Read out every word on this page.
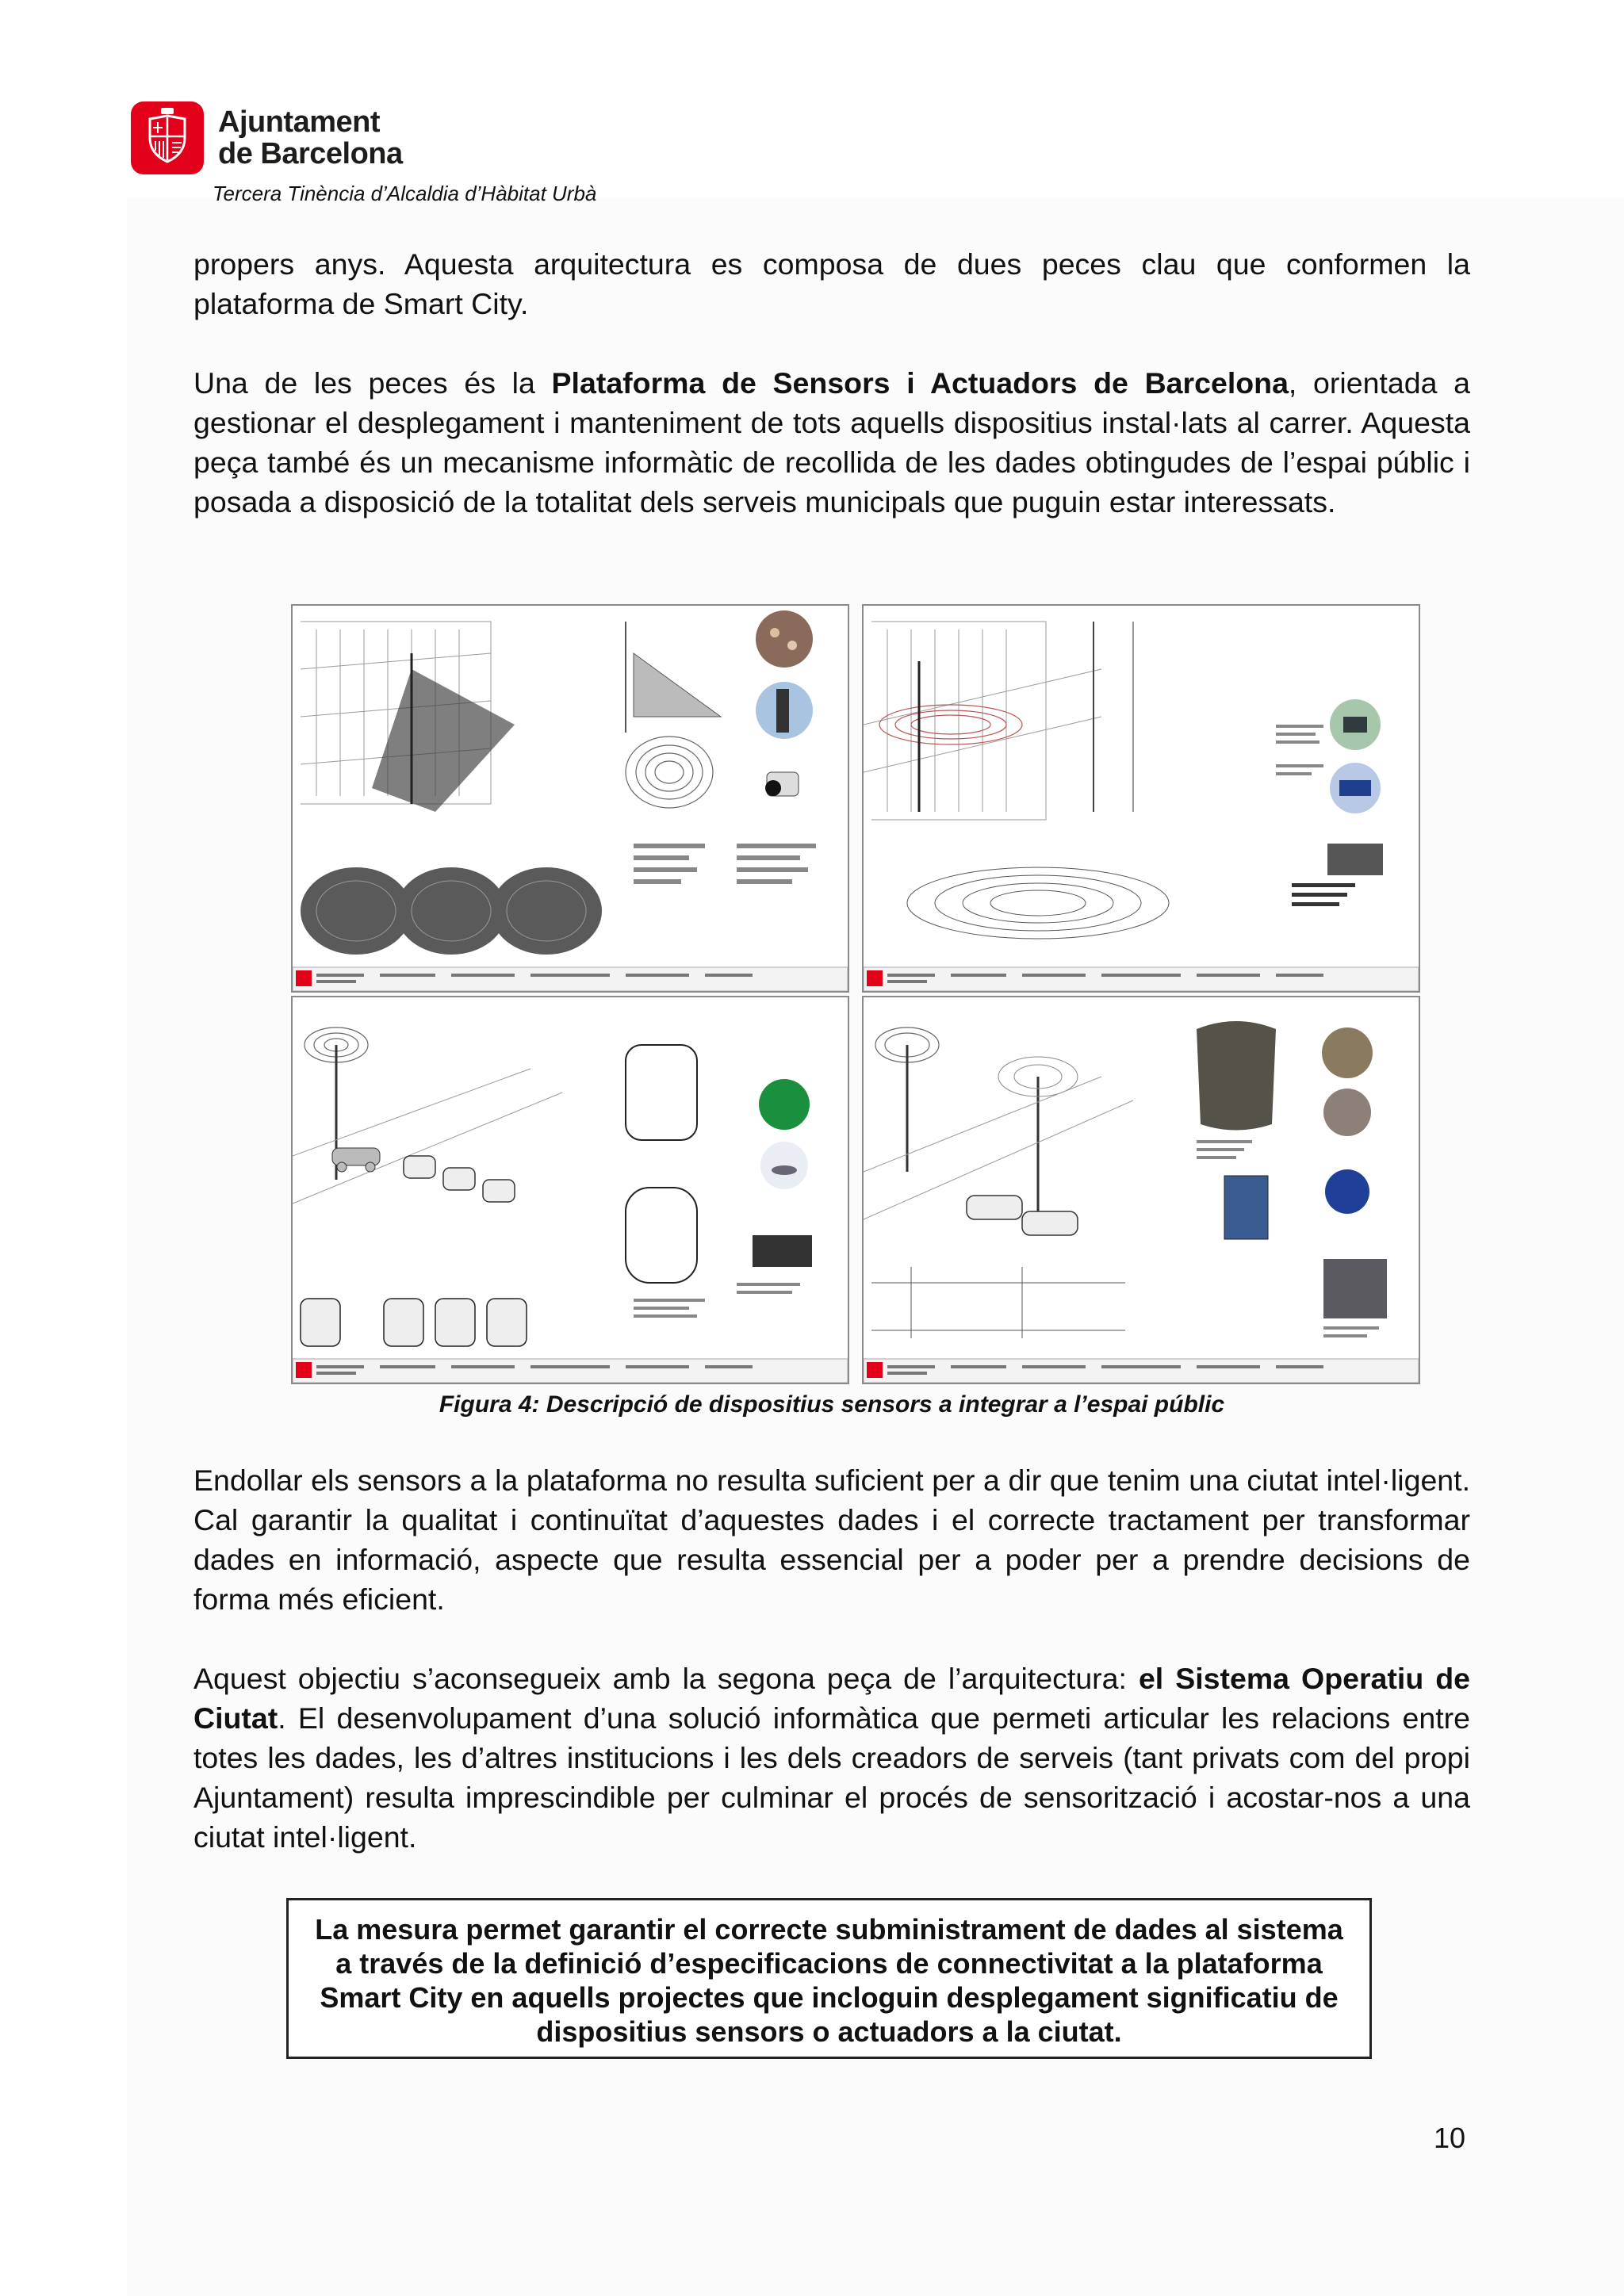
Ajuntament
de Barcelona
Tercera Tinència d’Alcaldia d’Hàbitat Urbà

propers anys. Aquesta arquitectura es composa de dues peces clau que conformen la plataforma de Smart City.

Una de les peces és la Plataforma de Sensors i Actuadors de Barcelona, orientada a gestionar el desplegament i manteniment de tots aquells dispositius instal·lats al carrer. Aquesta peça també és un mecanisme informàtic de recollida de les dades obtingudes de l’espai públic i posada a disposició de la totalitat dels serveis municipals que puguin estar interessats.

Figura 4: Descripció de dispositius sensors a integrar a l’espai públic

Endollar els sensors a la plataforma no resulta suficient per a dir que tenim una ciutat intel·ligent. Cal garantir la qualitat i continuïtat d’aquestes dades i el correcte tractament per transformar dades en informació, aspecte que resulta essencial per a poder per a prendre decisions de forma més eficient.

Aquest objectiu s’aconsegueix amb la segona peça de l’arquitectura: el Sistema Operatiu de Ciutat. El desenvolupament d’una solució informàtica que permeti articular les relacions entre totes les dades, les d’altres institucions i les dels creadors de serveis (tant privats com del propi Ajuntament) resulta imprescindible per culminar el procés de sensorització i acostar-nos a una ciutat intel·ligent.

La mesura permet garantir el correcte subministrament de dades al sistema a través de la definició d’especificacions de connectivitat a la plataforma Smart City en aquells projectes que incloguin desplegament significatiu de dispositius sensors o actuadors a la ciutat.
10
